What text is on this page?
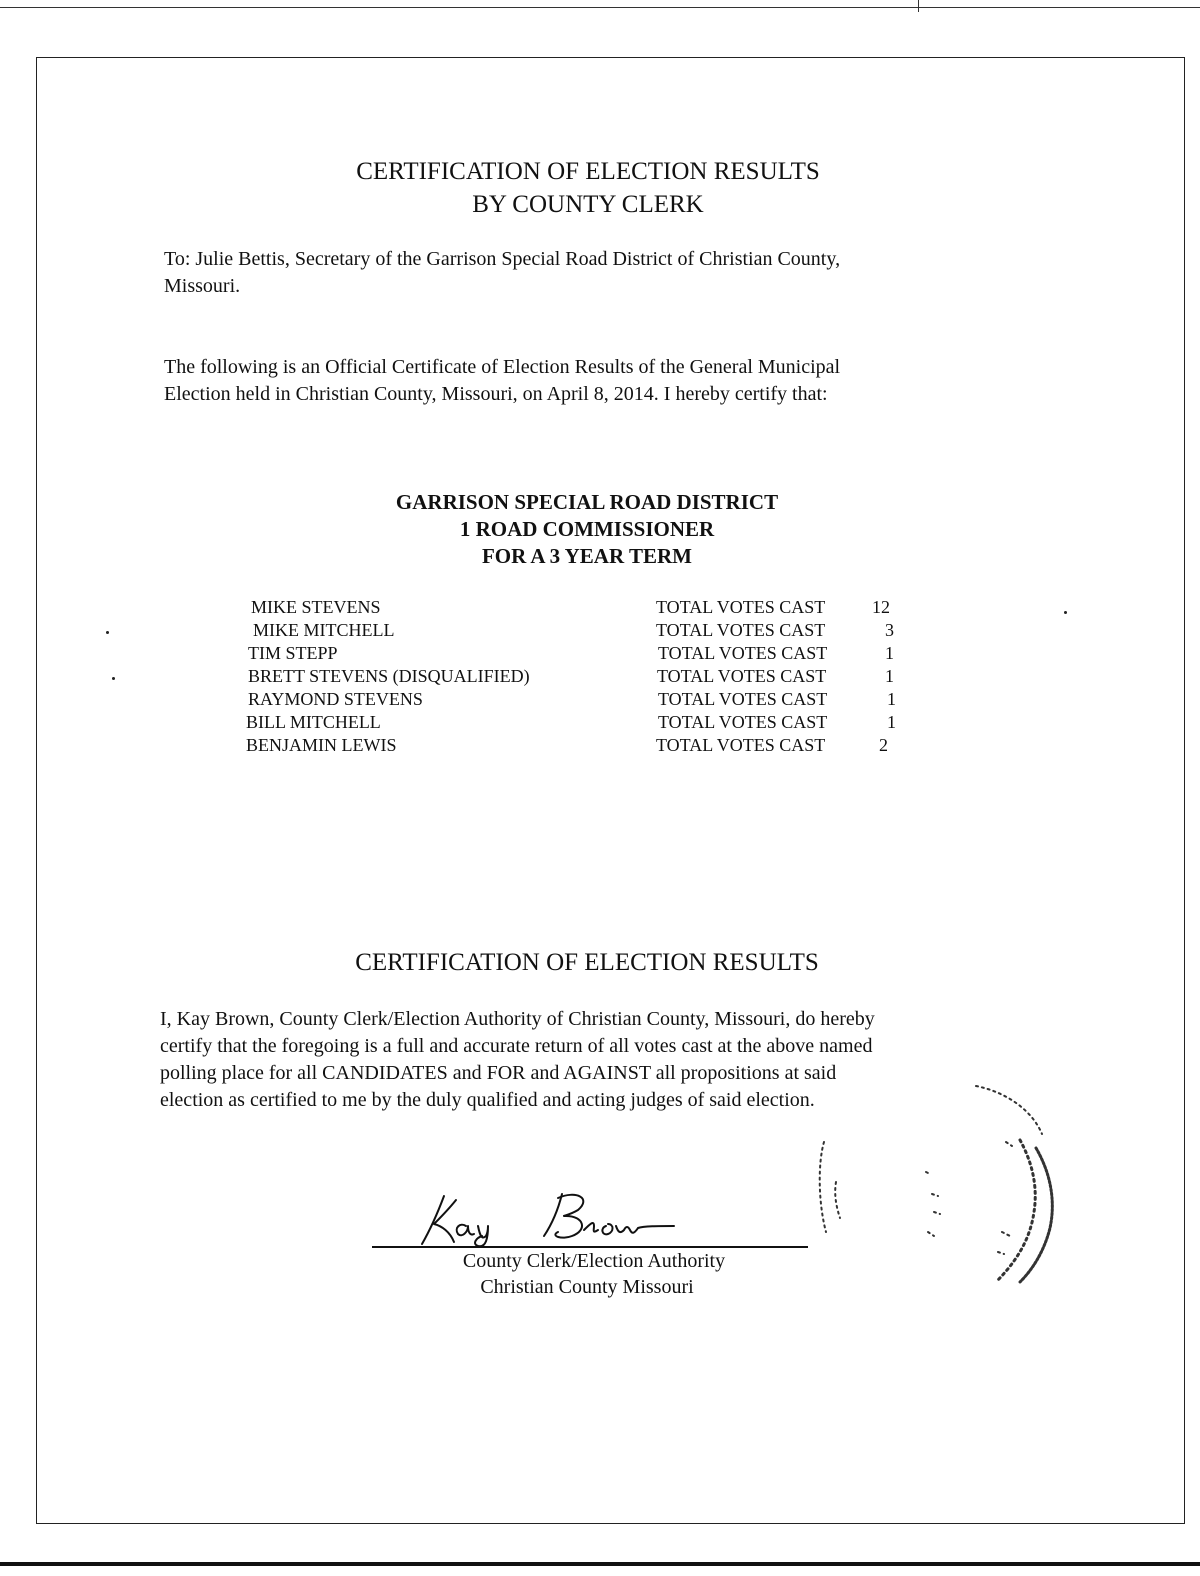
CERTIFICATION OF ELECTION RESULTS
BY COUNTY CLERK
To: Julie Bettis, Secretary of the Garrison Special Road District of Christian County,
Missouri.
The following is an Official Certificate of Election Results of the General Municipal
Election held in Christian County, Missouri, on April 8, 2014. I hereby certify that:
GARRISON SPECIAL ROAD DISTRICT
1 ROAD COMMISSIONER
FOR A 3 YEAR TERM
MIKE STEVENS	TOTAL VOTES CAST	12
MIKE MITCHELL	TOTAL VOTES CAST	3
TIM STEPP	TOTAL VOTES CAST	1
BRETT STEVENS (DISQUALIFIED)	TOTAL VOTES CAST	1
RAYMOND STEVENS	TOTAL VOTES CAST	1
BILL MITCHELL	TOTAL VOTES CAST	1
BENJAMIN LEWIS	TOTAL VOTES CAST	2
CERTIFICATION OF ELECTION RESULTS
I, Kay Brown, County Clerk/Election Authority of Christian County, Missouri, do hereby
certify that the foregoing is a full and accurate return of all votes cast at the above named
polling place for all CANDIDATES and FOR and AGAINST all propositions at said
election as certified to me by the duly qualified and acting judges of said election.
County Clerk/Election Authority
Christian County Missouri
